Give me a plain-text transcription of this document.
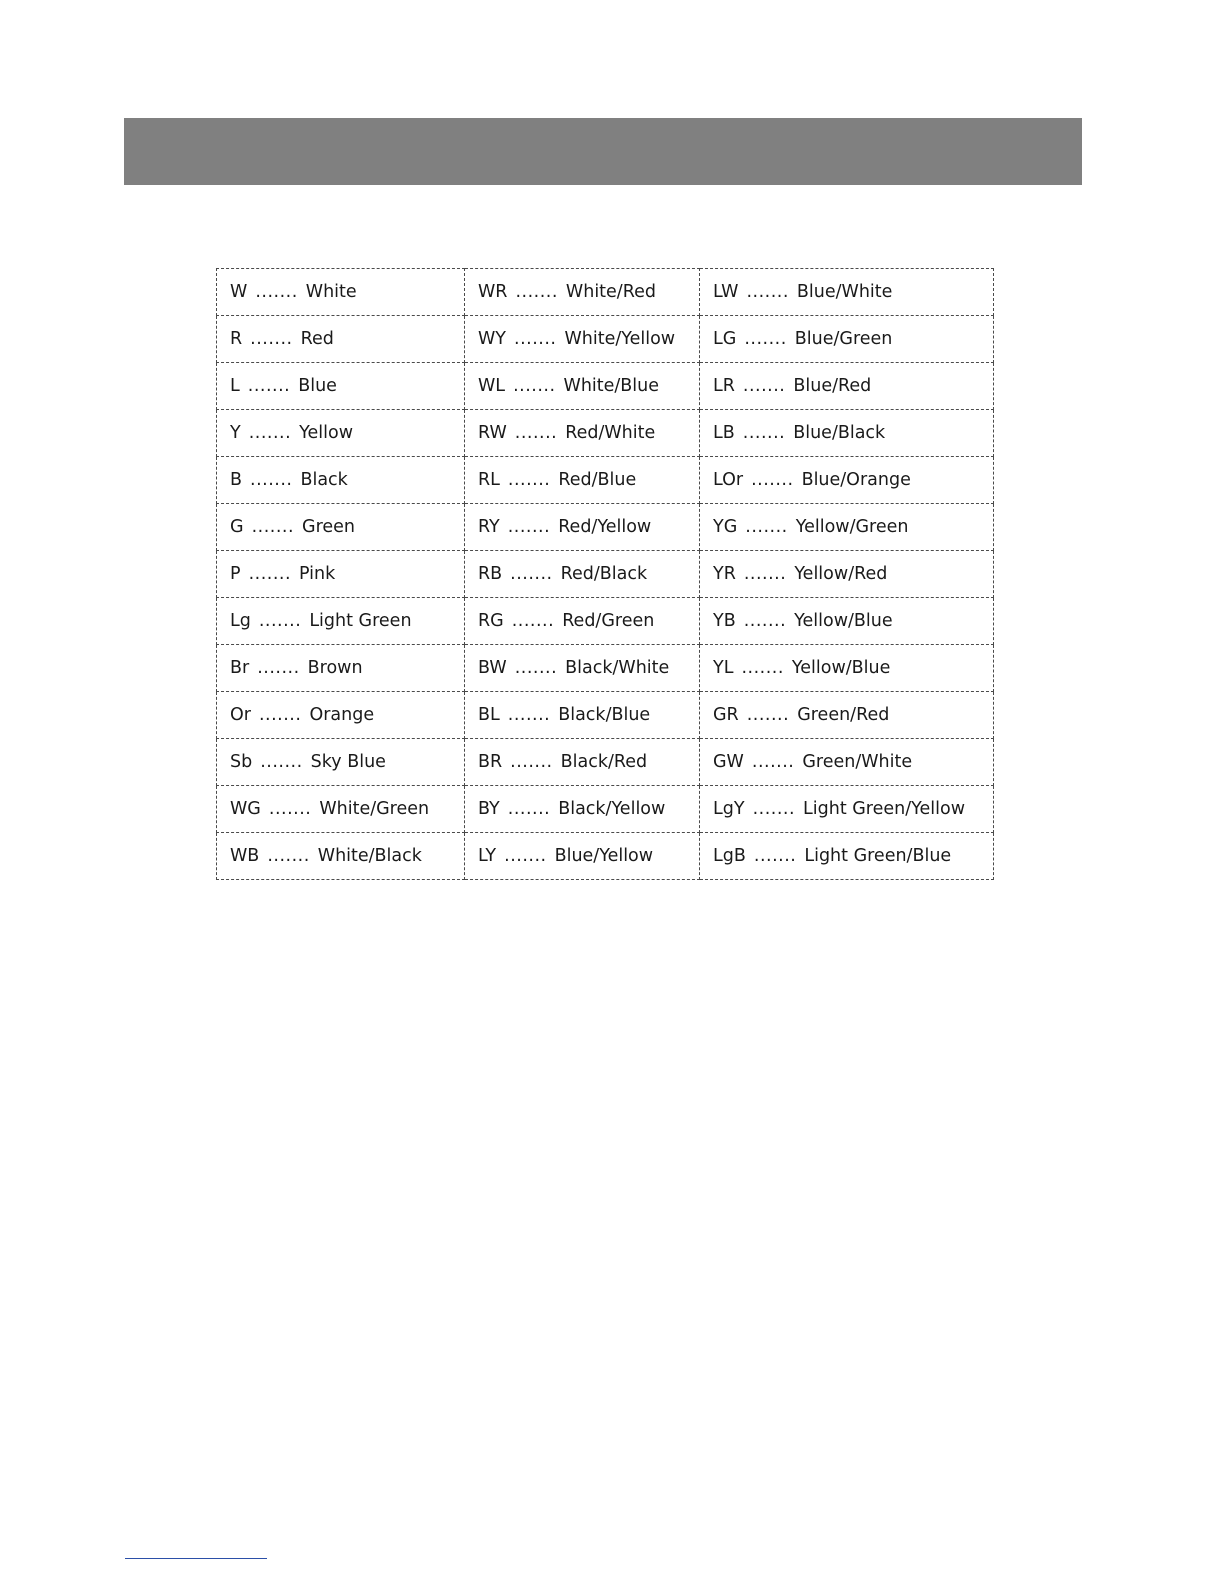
W ....... White	WR ....... White/Red	LW ....... Blue/White
R ....... Red	WY ....... White/Yellow	LG ....... Blue/Green
L ....... Blue	WL ....... White/Blue	LR ....... Blue/Red
Y ....... Yellow	RW ....... Red/White	LB ....... Blue/Black
B ....... Black	RL ....... Red/Blue	LOr ....... Blue/Orange
G ....... Green	RY ....... Red/Yellow	YG ....... Yellow/Green
P ....... Pink	RB ....... Red/Black	YR ....... Yellow/Red
Lg ....... Light Green	RG ....... Red/Green	YB ....... Yellow/Blue
Br ....... Brown	BW ....... Black/White	YL ....... Yellow/Blue
Or ....... Orange	BL ....... Black/Blue	GR ....... Green/Red
Sb ....... Sky Blue	BR ....... Black/Red	GW ....... Green/White
WG ....... White/Green	BY ....... Black/Yellow	LgY ....... Light Green/Yellow
WB ....... White/Black	LY ....... Blue/Yellow	LgB ....... Light Green/Blue
